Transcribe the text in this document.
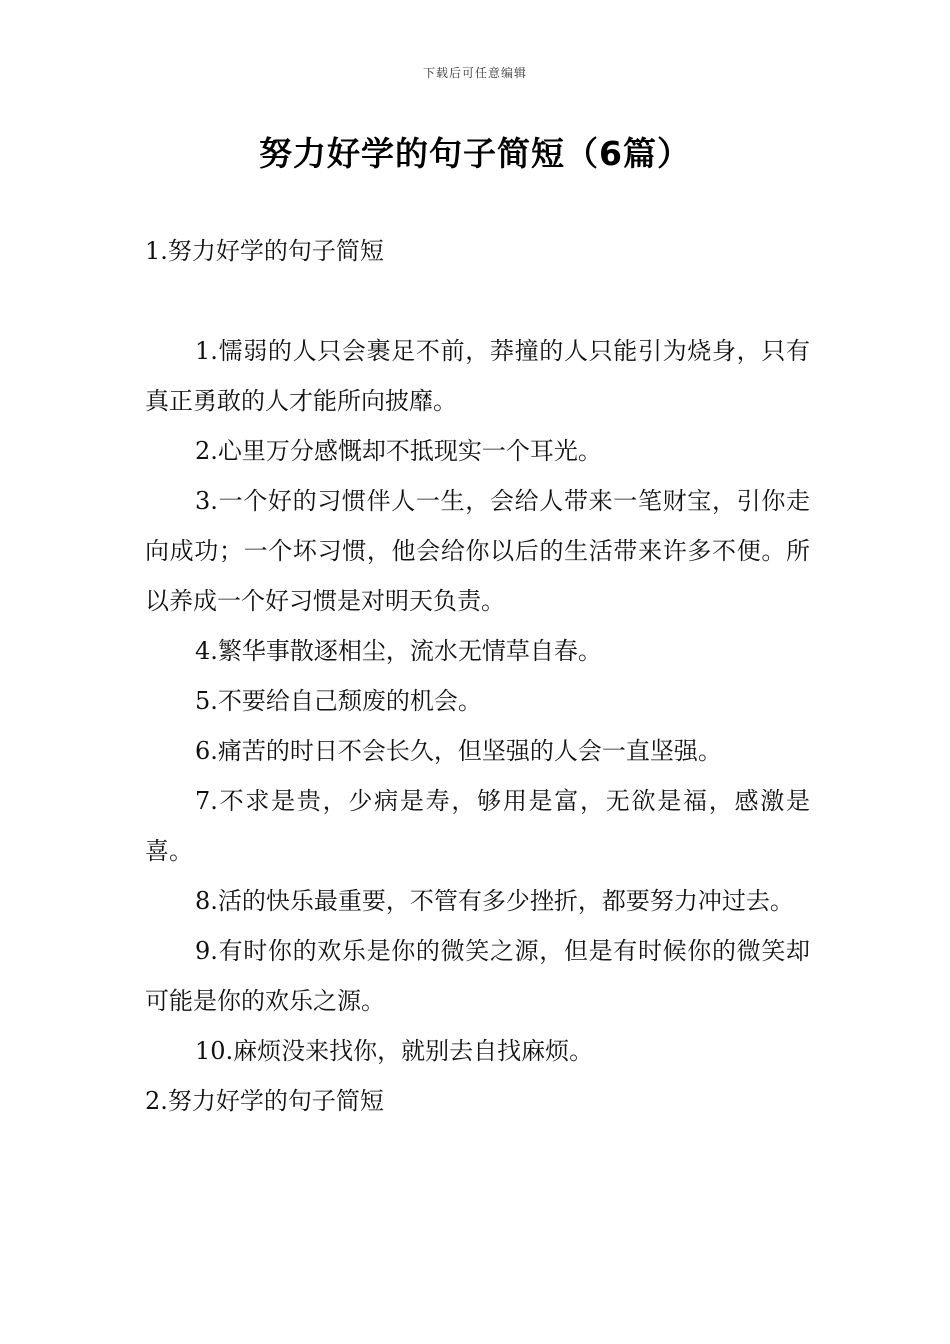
下载后可任意编辑
努力好学的句子简短（6篇）

1.努力好学的句子简短

1.懦弱的人只会裹足不前，莽撞的人只能引为烧身，只有真正勇敢的人才能所向披靡。

2.心里万分感慨却不抵现实一个耳光。

3.一个好的习惯伴人一生，会给人带来一笔财宝，引你走向成功；一个坏习惯，他会给你以后的生活带来许多不便。所以养成一个好习惯是对明天负责。

4.繁华事散逐相尘，流水无情草自春。

5.不要给自己颓废的机会。

6.痛苦的时日不会长久，但坚强的人会一直坚强。

7.不求是贵，少病是寿，够用是富，无欲是福，感激是喜。

8.活的快乐最重要，不管有多少挫折，都要努力冲过去。

9.有时你的欢乐是你的微笑之源，但是有时候你的微笑却可能是你的欢乐之源。

10.麻烦没来找你，就别去自找麻烦。

2.努力好学的句子简短
